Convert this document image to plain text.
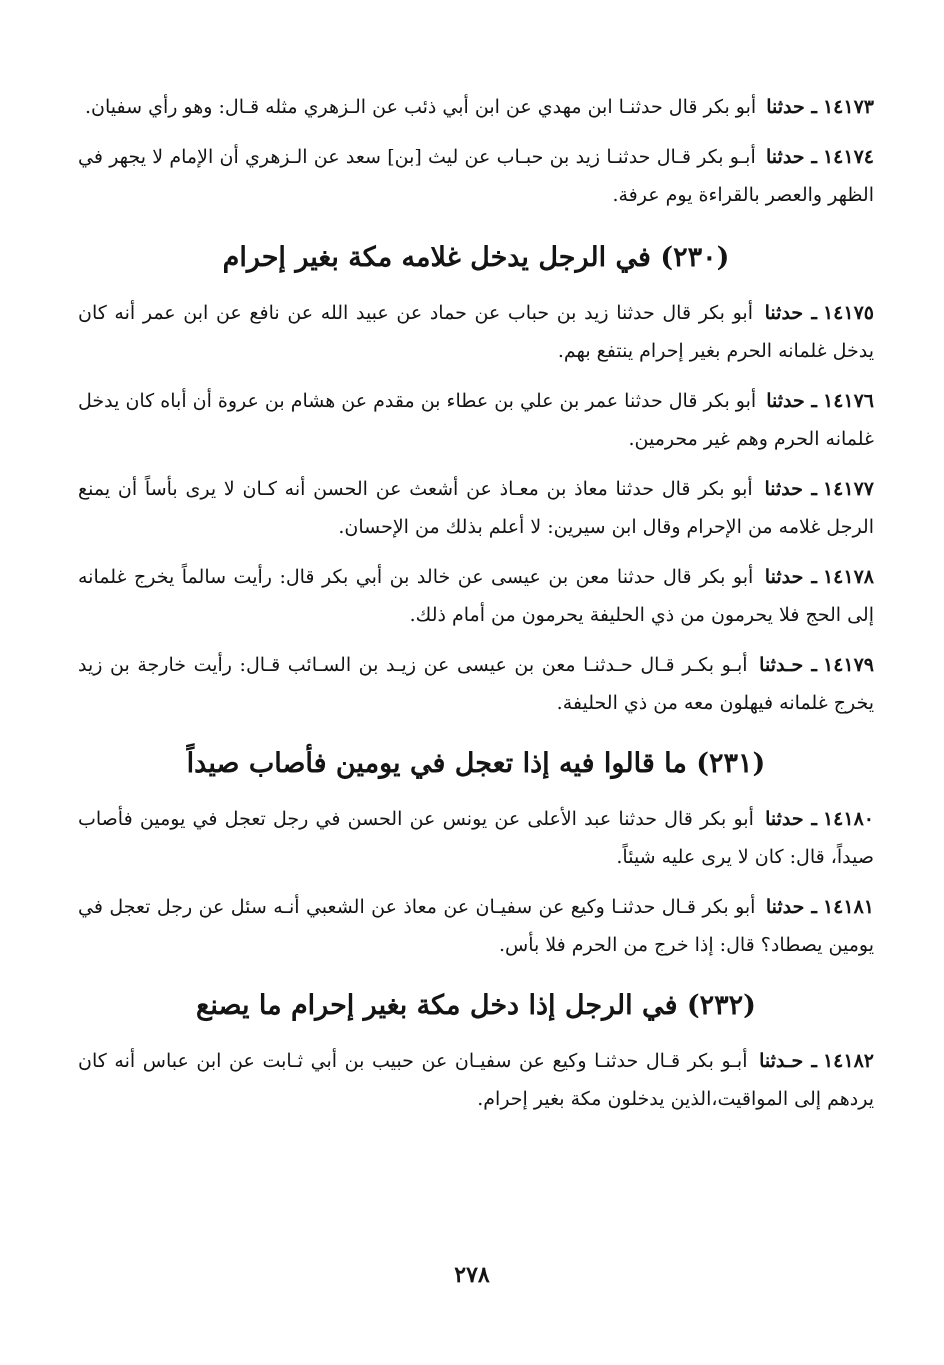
١٤١٧٣ـ حدثنا أبو بكر قال حدثنـا ابن مهدي عن ابن أبي ذئب عن الـزهري مثله قـال: وهو رأي سفيان.

١٤١٧٤ـ حدثنا أبـو بكر قـال حدثنـا زيد بن حبـاب عن ليث [بن] سعد عن الـزهري أن الإمام لا يجهر في الظهر والعصر بالقراءة يوم عرفة.

(٢٣٠) في الرجل يدخل غلامه مكة بغير إحرام

١٤١٧٥ـ حدثنا أبو بكر قال حدثنا زيد بن حباب عن حماد عن عبيد الله عن نافع عن ابن عمر أنه كان يدخل غلمانه الحرم بغير إحرام ينتفع بهم.

١٤١٧٦ـ حدثنا أبو بكر قال حدثنا عمر بن علي بن عطاء بن مقدم عن هشام بن عروة أن أباه كان يدخل غلمانه الحرم وهم غير محرمين.

١٤١٧٧ـ حدثنا أبو بكر قال حدثنا معاذ بن معـاذ عن أشعث عن الحسن أنه كـان لا يرى بأساً أن يمنع الرجل غلامه من الإحرام وقال ابن سيرين: لا أعلم بذلك من الإحسان.

١٤١٧٨ـ حدثنا أبو بكر قال حدثنا معن بن عيسى عن خالد بن أبي بكر قال: رأيت سالماً يخرج غلمانه إلى الحج فلا يحرمون من ذي الحليفة يحرمون من أمام ذلك.

١٤١٧٩ـ حـدثنا أبـو بكـر قـال حـدثنـا معن بن عيسى عن زيـد بن السـائب قـال: رأيت خارجة بن زيد يخرج غلمانه فيهلون معه من ذي الحليفة.

(٢٣١) ما قالوا فيه إذا تعجل في يومين فأصاب صيداً

١٤١٨٠ـ حدثنا أبو بكر قال حدثنا عبد الأعلى عن يونس عن الحسن في رجل تعجل في يومين فأصاب صيداً، قال: كان لا يرى عليه شيئاً.

١٤١٨١ـ حدثنا أبو بكر قـال حدثنـا وكيع عن سفيـان عن معاذ عن الشعبي أنـه سئل عن رجل تعجل في يومين يصطاد؟ قال: إذا خرج من الحرم فلا بأس.

(٢٣٢) في الرجل إذا دخل مكة بغير إحرام ما يصنع

١٤١٨٢ـ حـدثنا أبـو بكر قـال حدثنـا وكيع عن سفيـان عن حبيب بن أبي ثـابت عن ابن عباس أنه كان يردهم إلى المواقيت،الذين يدخلون مكة بغير إحرام.

٢٧٨
